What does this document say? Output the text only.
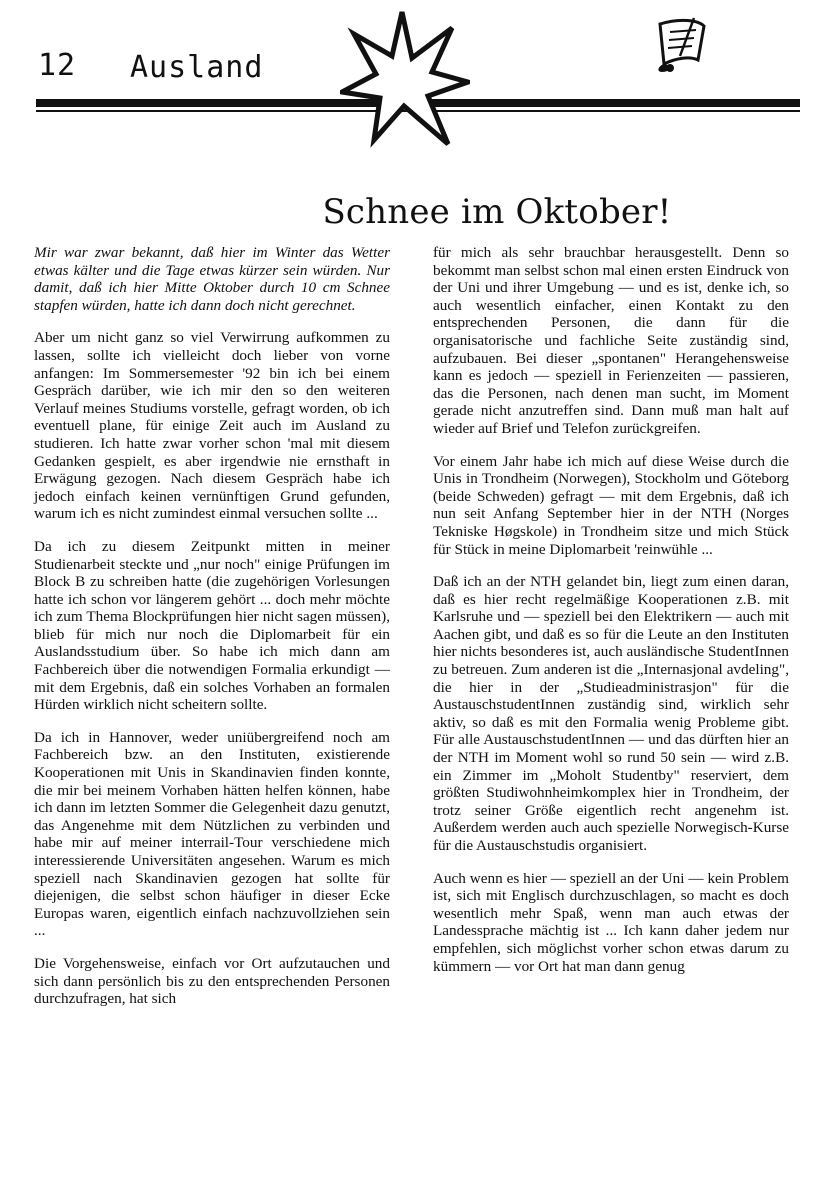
12 Ausland
Schnee im Oktober!

Mir war zwar bekannt, daß hier im Winter das Wetter etwas kälter und die Tage etwas kürzer sein würden. Nur damit, daß ich hier Mitte Oktober durch 10 cm Schnee stapfen würden, hatte ich dann doch nicht gerechnet.

Aber um nicht ganz so viel Verwirrung aufkommen zu lassen, sollte ich vielleicht doch lieber von vorne anfangen: Im Sommersemester '92 bin ich bei einem Gespräch darüber, wie ich mir den so den weiteren Verlauf meines Studiums vorstelle, gefragt worden, ob ich eventuell plane, für einige Zeit auch im Ausland zu studieren. Ich hatte zwar vorher schon 'mal mit diesem Gedanken gespielt, es aber irgendwie nie ernsthaft in Erwägung gezogen. Nach diesem Gespräch habe ich jedoch einfach keinen vernünftigen Grund gefunden, warum ich es nicht zumindest einmal versuchen sollte ...

Da ich zu diesem Zeitpunkt mitten in meiner Studienarbeit steckte und „nur noch" einige Prüfungen im Block B zu schreiben hatte (die zugehörigen Vorlesungen hatte ich schon vor längerem gehört ... doch mehr möchte ich zum Thema Blockprüfungen hier nicht sagen müssen), blieb für mich nur noch die Diplomarbeit für ein Auslandsstudium über. So habe ich mich dann am Fachbereich über die notwendigen Formalia erkundigt — mit dem Ergebnis, daß ein solches Vorhaben an formalen Hürden wirklich nicht scheitern sollte.

Da ich in Hannover, weder uniübergreifend noch am Fachbereich bzw. an den Instituten, existierende Kooperationen mit Unis in Skandinavien finden konnte, die mir bei meinem Vorhaben hätten helfen können, habe ich dann im letzten Sommer die Gelegenheit dazu genutzt, das Angenehme mit dem Nützlichen zu verbinden und habe mir auf meiner interrail-Tour verschiedene mich interessierende Universitäten angesehen. Warum es mich speziell nach Skandinavien gezogen hat sollte für diejenigen, die selbst schon häufiger in dieser Ecke Europas waren, eigentlich einfach nachzuvollziehen sein ...

Die Vorgehensweise, einfach vor Ort aufzutauchen und sich dann persönlich bis zu den entsprechenden Personen durchzufragen, hat sich

für mich als sehr brauchbar herausgestellt. Denn so bekommt man selbst schon mal einen ersten Eindruck von der Uni und ihrer Umgebung — und es ist, denke ich, so auch wesentlich einfacher, einen Kontakt zu den entsprechenden Personen, die dann für die organisatorische und fachliche Seite zuständig sind, aufzubauen. Bei dieser „spontanen" Herangehensweise kann es jedoch — speziell in Ferienzeiten — passieren, das die Personen, nach denen man sucht, im Moment gerade nicht anzutreffen sind. Dann muß man halt auf wieder auf Brief und Telefon zurückgreifen.

Vor einem Jahr habe ich mich auf diese Weise durch die Unis in Trondheim (Norwegen), Stockholm und Göteborg (beide Schweden) gefragt — mit dem Ergebnis, daß ich nun seit Anfang September hier in der NTH (Norges Tekniske Høgskole) in Trondheim sitze und mich Stück für Stück in meine Diplomarbeit 'reinwühle ...

Daß ich an der NTH gelandet bin, liegt zum einen daran, daß es hier recht regelmäßige Kooperationen z.B. mit Karlsruhe und — speziell bei den Elektrikern — auch mit Aachen gibt, und daß es so für die Leute an den Instituten hier nichts besonderes ist, auch ausländische StudentInnen zu betreuen. Zum anderen ist die „Internasjonal avdeling", die hier in der „Studieadministrasjon" für die AustauschstudentInnen zuständig sind, wirklich sehr aktiv, so daß es mit den Formalia wenig Probleme gibt. Für alle AustauschstudentInnen — und das dürften hier an der NTH im Moment wohl so rund 50 sein — wird z.B. ein Zimmer im „Moholt Studentby" reserviert, dem größten Studiwohnheimkomplex hier in Trondheim, der trotz seiner Größe eigentlich recht angenehm ist. Außerdem werden auch auch spezielle Norwegisch-Kurse für die Austauschstudis organisiert.

Auch wenn es hier — speziell an der Uni — kein Problem ist, sich mit Englisch durchzuschlagen, so macht es doch wesentlich mehr Spaß, wenn man auch etwas der Landessprache mächtig ist ... Ich kann daher jedem nur empfehlen, sich möglichst vorher schon etwas darum zu kümmern — vor Ort hat man dann genug
